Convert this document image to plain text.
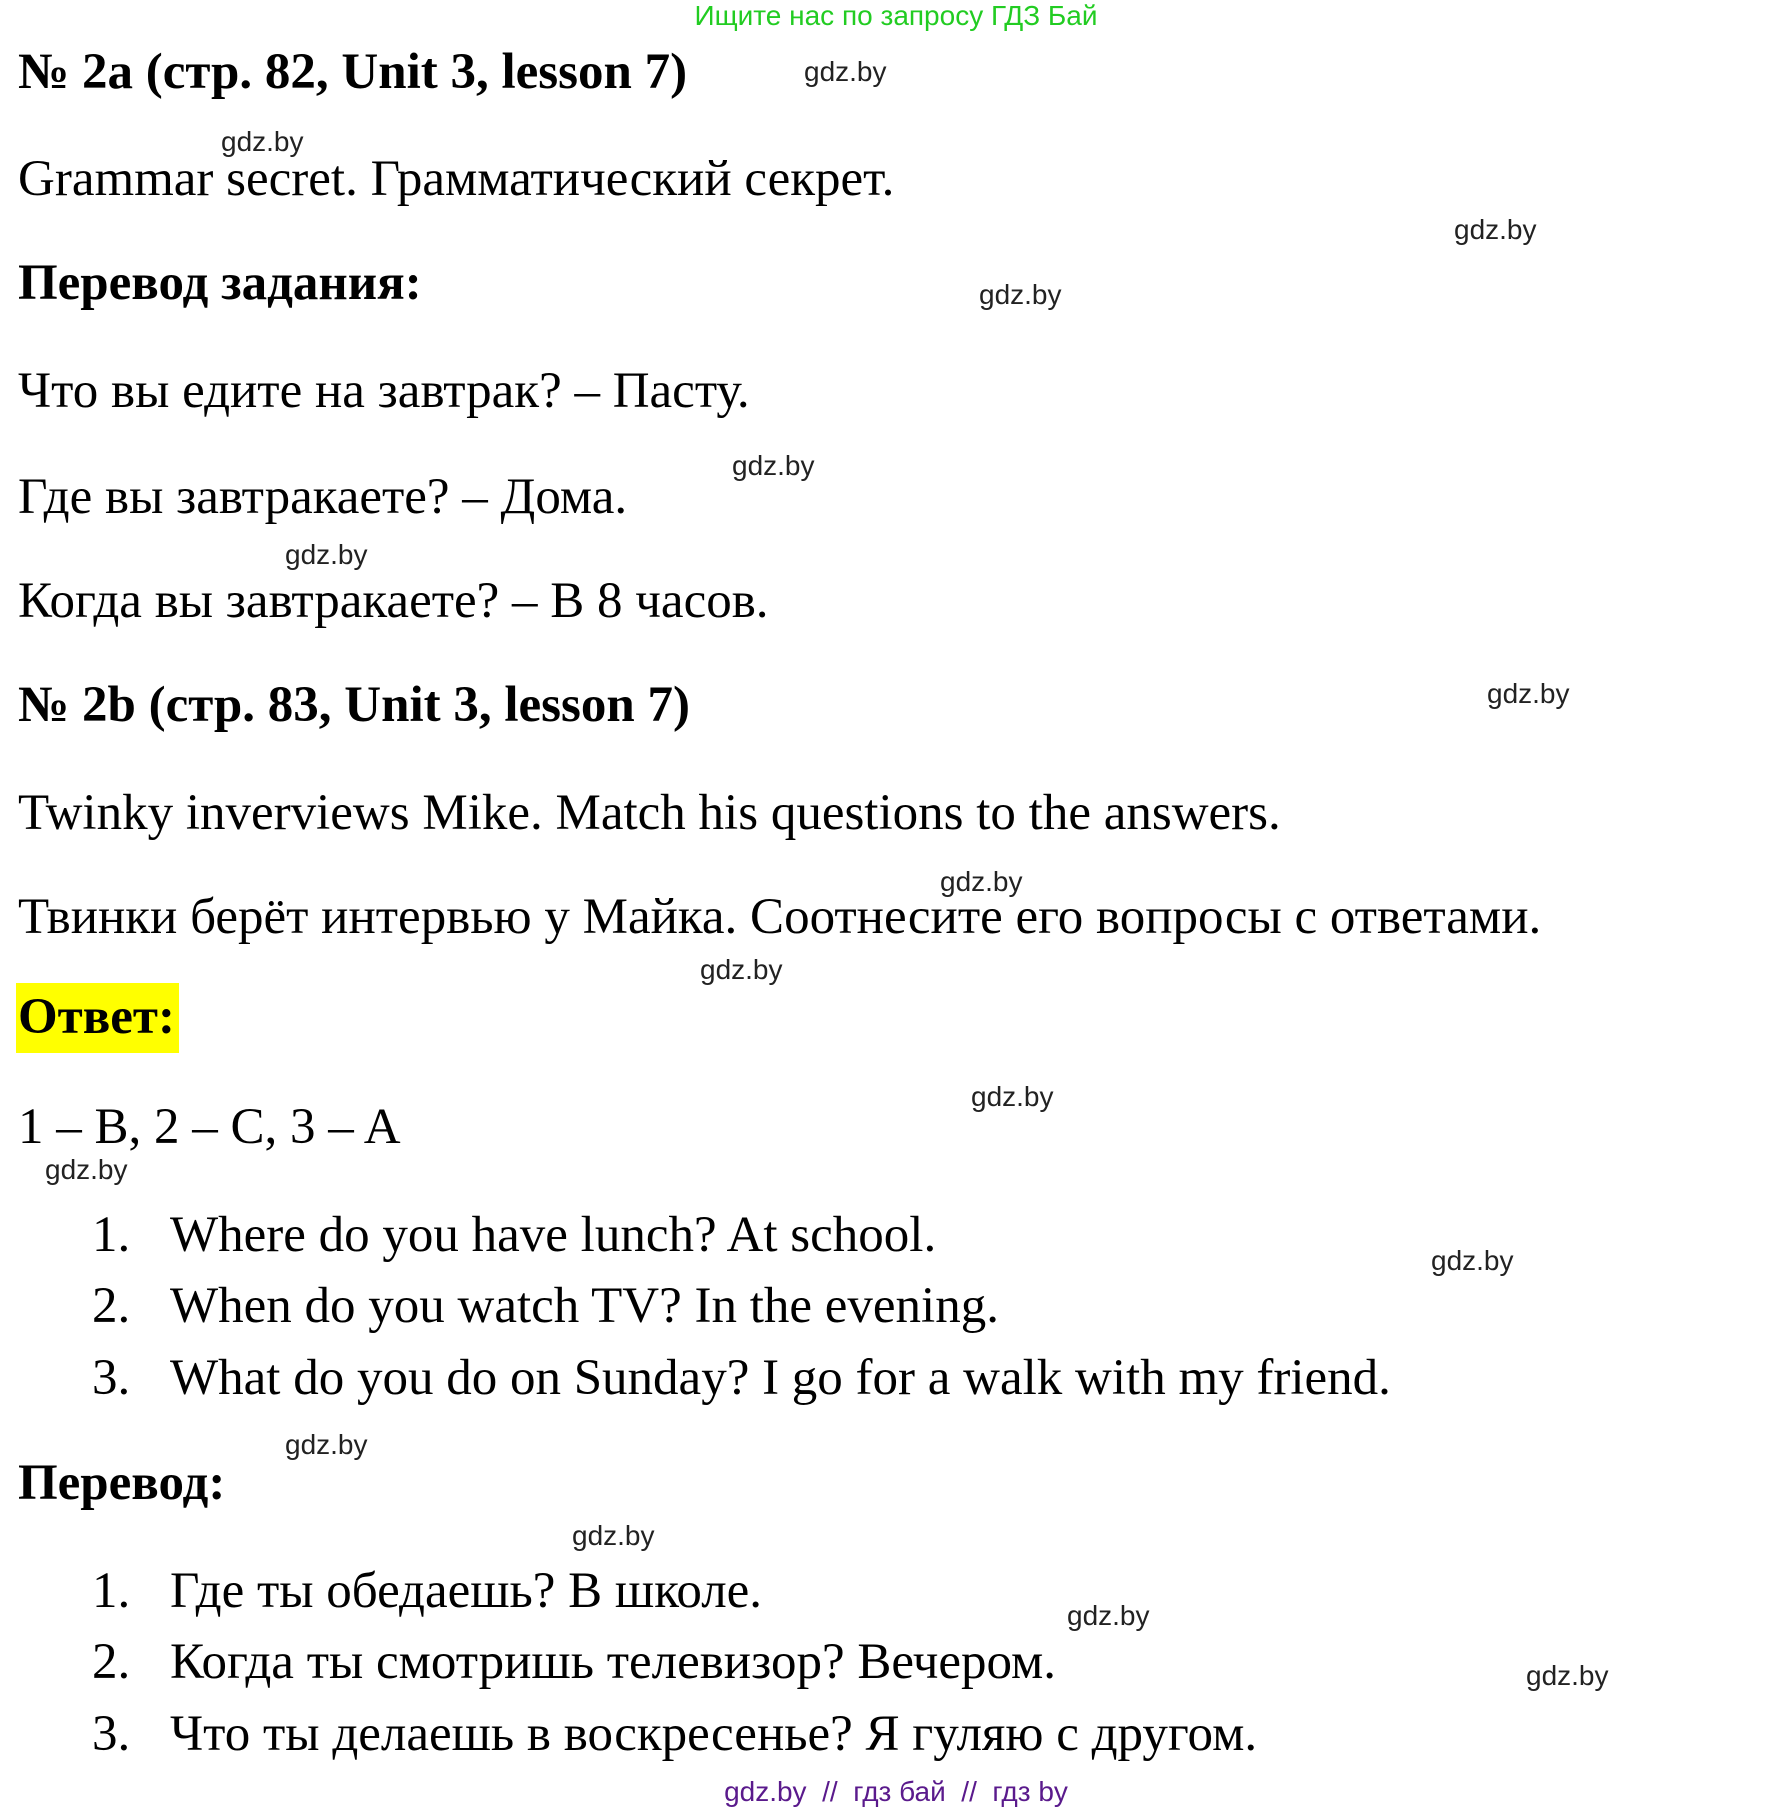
Ищите нас по запросу ГДЗ Бай
№ 2a (стр. 82, Unit 3, lesson 7)
Grammar secret. Грамматический секрет.
Перевод задания:
Что вы едите на завтрак? – Пасту.
Где вы завтракаете? – Дома.
Когда вы завтракаете? – В 8 часов.
№ 2b (стр. 83, Unit 3, lesson 7)
Twinky inverviews Mike. Match his questions to the answers.
Твинки берёт интервью у Майка. Соотнесите его вопросы с ответами.
Ответ:
1 – B, 2 – C, 3 – A
1. Where do you have lunch? At school.
2. When do you watch TV? In the evening.
3. What do you do on Sunday? I go for a walk with my friend.
Перевод:
1. Где ты обедаешь? В школе.
2. Когда ты смотришь телевизор? Вечером.
3. Что ты делаешь в воскресенье? Я гуляю с другом.
gdz.by  //  гдз бай  //  гдз by
gdz.by
gdz.by
gdz.by
gdz.by
gdz.by
gdz.by
gdz.by
gdz.by
gdz.by
gdz.by
gdz.by
gdz.by
gdz.by
gdz.by
gdz.by
gdz.by
